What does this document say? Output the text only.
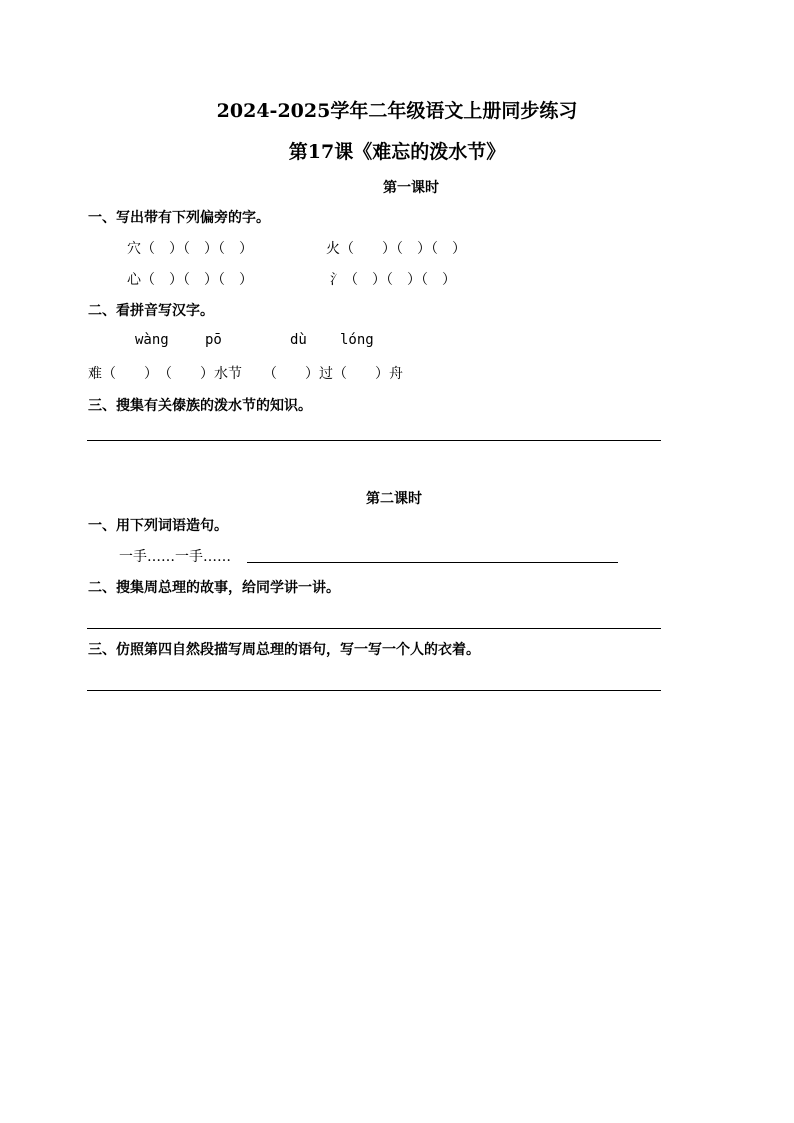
2024-2025学年二年级语文上册同步练习
第17课《难忘的泼水节》
第一课时
一、写出带有下列偏旁的字。
穴（　）（　）（　）	火（　　）（　）（　）
心（　）（　）（　）	氵（　）（　）（　）
二、看拼音写汉字。
wàng	pō	dù lóng
难（　　）　（　　）水节　　（　　）过（　　）舟
三、搜集有关傣族的泼水节的知识。
第二课时
一、用下列词语造句。
一手……一手……
二、搜集周总理的故事，给同学讲一讲。
三、仿照第四自然段描写周总理的语句，写一写一个人的衣着。
